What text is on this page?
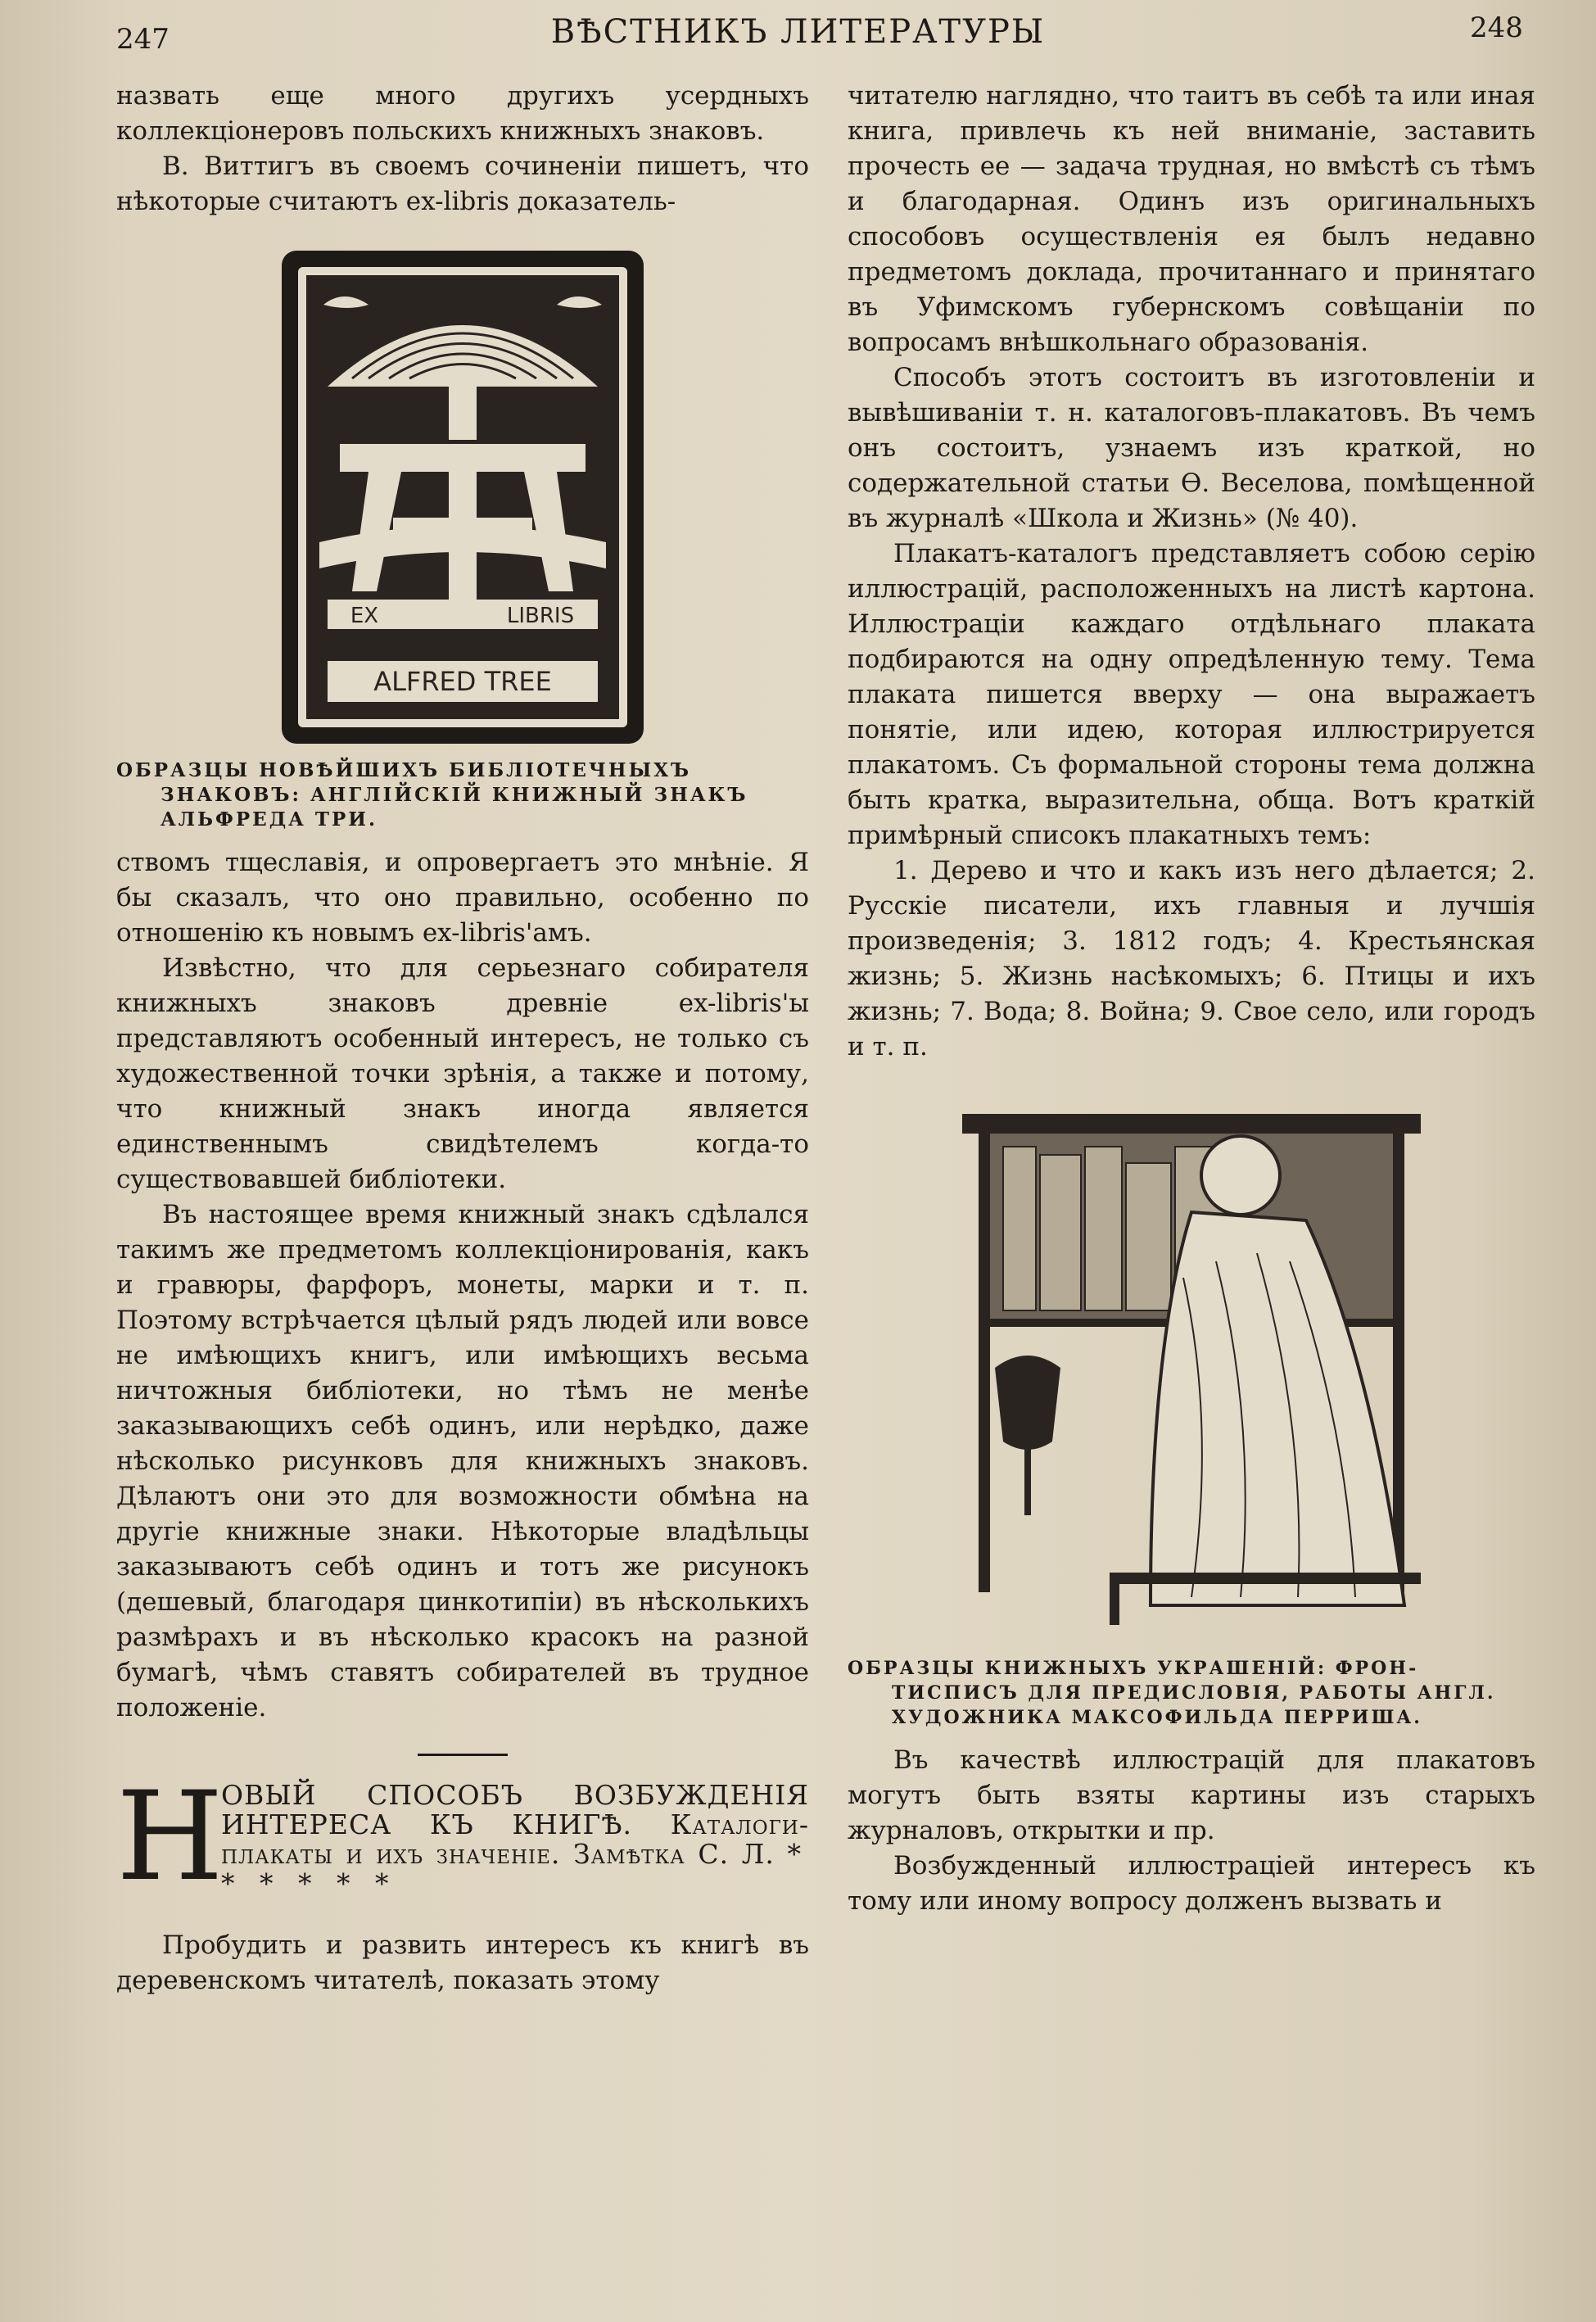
247	ВѢСТНИКЪ ЛИТЕРАТУРЫ	248

назвать еще много другихъ усердныхъ коллекціонеровъ польскихъ книжныхъ знаковъ.

В. Виттигъ въ своемъ сочиненіи пишетъ, что нѣкоторые считаютъ ex-libris доказатель-

EX	LIBRIS
ALFRED TREE
ОБРАЗЦЫ НОВѢЙШИХЪ БИБЛІОТЕЧНЫХЪ
ЗНАКОВЪ: АНГЛІЙСКІЙ КНИЖНЫЙ ЗНАКЪ
АЛЬФРЕДА ТРИ.

ствомъ тщеславія, и опровергаетъ это мнѣніе. Я бы сказалъ, что оно правильно, особенно по отношенію къ новымъ ex-libris'амъ.

Извѣстно, что для серьезнаго собирателя книжныхъ знаковъ древніе ex-libris'ы представляютъ особенный интересъ, не только съ художественной точки зрѣнія, а также и потому, что книжный знакъ иногда является единственнымъ свидѣтелемъ когда-то существовавшей библіотеки.

Въ настоящее время книжный знакъ сдѣлался такимъ же предметомъ коллекціонированія, какъ и гравюры, фарфоръ, монеты, марки и т. п. Поэтому встрѣчается цѣлый рядъ людей или вовсе не имѣющихъ книгъ, или имѣющихъ весьма ничтожныя библіотеки, но тѣмъ не менѣе заказывающихъ себѣ одинъ, или нерѣдко, даже нѣсколько рисунковъ для книжныхъ знаковъ. Дѣлаютъ они это для возможности обмѣна на другіе книжные знаки. Нѣкоторые владѣльцы заказываютъ себѣ одинъ и тотъ же рисунокъ (дешевый, благодаря цинкотипіи) въ нѣсколькихъ размѣрахъ и въ нѣсколько красокъ на разной бумагѣ, чѣмъ ставятъ собирателей въ трудное положеніе.

Н
ОВЫЙ СПОСОБЪ ВОЗБУЖДЕНІЯ ИНТЕРЕСА КЪ КНИГѢ. Каталоги-плакаты и ихъ значеніе. Замѣтка С. Л. * * * * * *

Пробудить и развить интересъ къ книгѣ въ деревенскомъ читателѣ, показать этому

читателю наглядно, что таитъ въ себѣ та или иная книга, привлечь къ ней вниманіе, заставить прочесть ее — задача трудная, но вмѣстѣ съ тѣмъ и благодарная. Одинъ изъ оригинальныхъ способовъ осуществленія ея былъ недавно предметомъ доклада, прочитаннаго и принятаго въ Уфимскомъ губернскомъ совѣщаніи по вопросамъ внѣшкольнаго образованія.

Способъ этотъ состоитъ въ изготовленіи и вывѣшиваніи т. н. каталоговъ-плакатовъ. Въ чемъ онъ состоитъ, узнаемъ изъ краткой, но содержательной статьи Ѳ. Веселова, помѣщенной въ журналѣ «Школа и Жизнь» (№ 40).

Плакатъ-каталогъ представляетъ собою серію иллюстрацій, расположенныхъ на листѣ картона. Иллюстраціи каждаго отдѣльнаго плаката подбираются на одну опредѣленную тему. Тема плаката пишется вверху — она выражаетъ понятіе, или идею, которая иллюстрируется плакатомъ. Съ формальной стороны тема должна быть кратка, выразительна, обща. Вотъ краткій примѣрный списокъ плакатныхъ темъ:

1. Дерево и что и какъ изъ него дѣлается; 2. Русскіе писатели, ихъ главныя и лучшія произведенія; 3. 1812 годъ; 4. Крестьянская жизнь; 5. Жизнь насѣкомыхъ; 6. Птицы и ихъ жизнь; 7. Вода; 8. Война; 9. Свое село, или городъ и т. п.

ОБРАЗЦЫ КНИЖНЫХЪ УКРАШЕНІЙ: ФРОН-
ТИСПИСЪ ДЛЯ ПРЕДИСЛОВІЯ, РАБОТЫ АНГЛ.
ХУДОЖНИКА МАКСОФИЛЬДА ПЕРРИША.

Въ качествѣ иллюстрацій для плакатовъ могутъ быть взяты картины изъ старыхъ журналовъ, открытки и пр.

Возбужденный иллюстраціей интересъ къ тому или иному вопросу долженъ вызвать и
